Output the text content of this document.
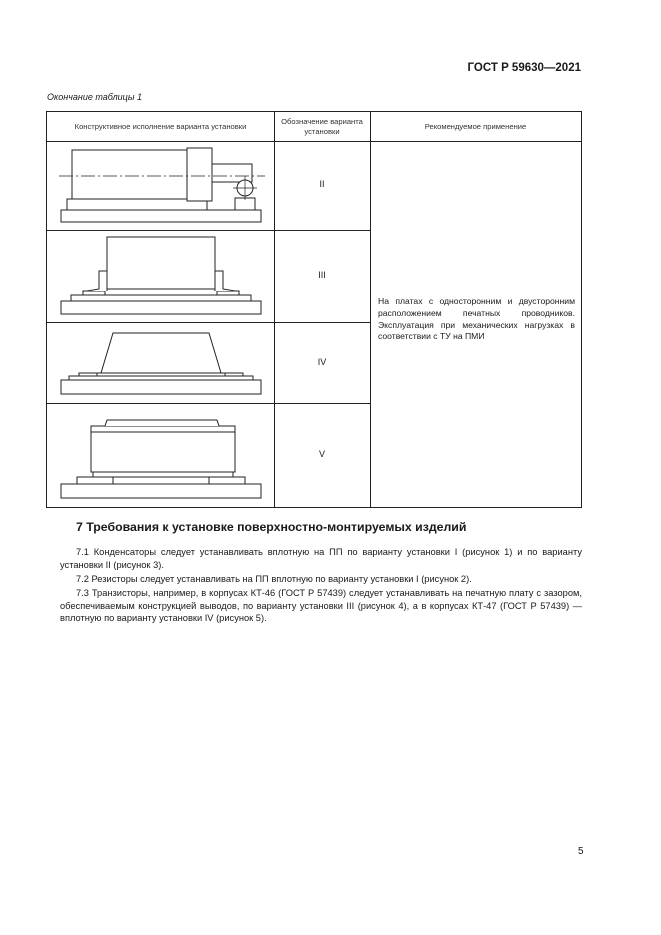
ГОСТ Р 59630—2021
Окончание таблицы 1
Конструктивное исполнение варианта установки
Обозначение варианта установки
Рекомендуемое применение
II
III
IV
V
На платах с односторонним и двусторонним расположением печатных проводников. Эксплуатация при механических нагрузках в соответствии с ТУ на ПМИ
7 Требования к установке поверхностно-монтируемых изделий

7.1 Конденсаторы следует устанавливать вплотную на ПП по варианту установки I (рисунок 1) и по варианту установки II (рисунок 3).

7.2 Резисторы следует устанавливать на ПП вплотную по варианту установки I (рисунок 2).

7.3 Транзисторы, например, в корпусах КТ-46 (ГОСТ Р 57439) следует устанавливать на печатную плату с зазором, обеспечиваемым конструкцией выводов, по варианту установки III (рисунок 4), а в корпусах КТ-47 (ГОСТ Р 57439) — вплотную по варианту установки IV (рисунок 5).

5
